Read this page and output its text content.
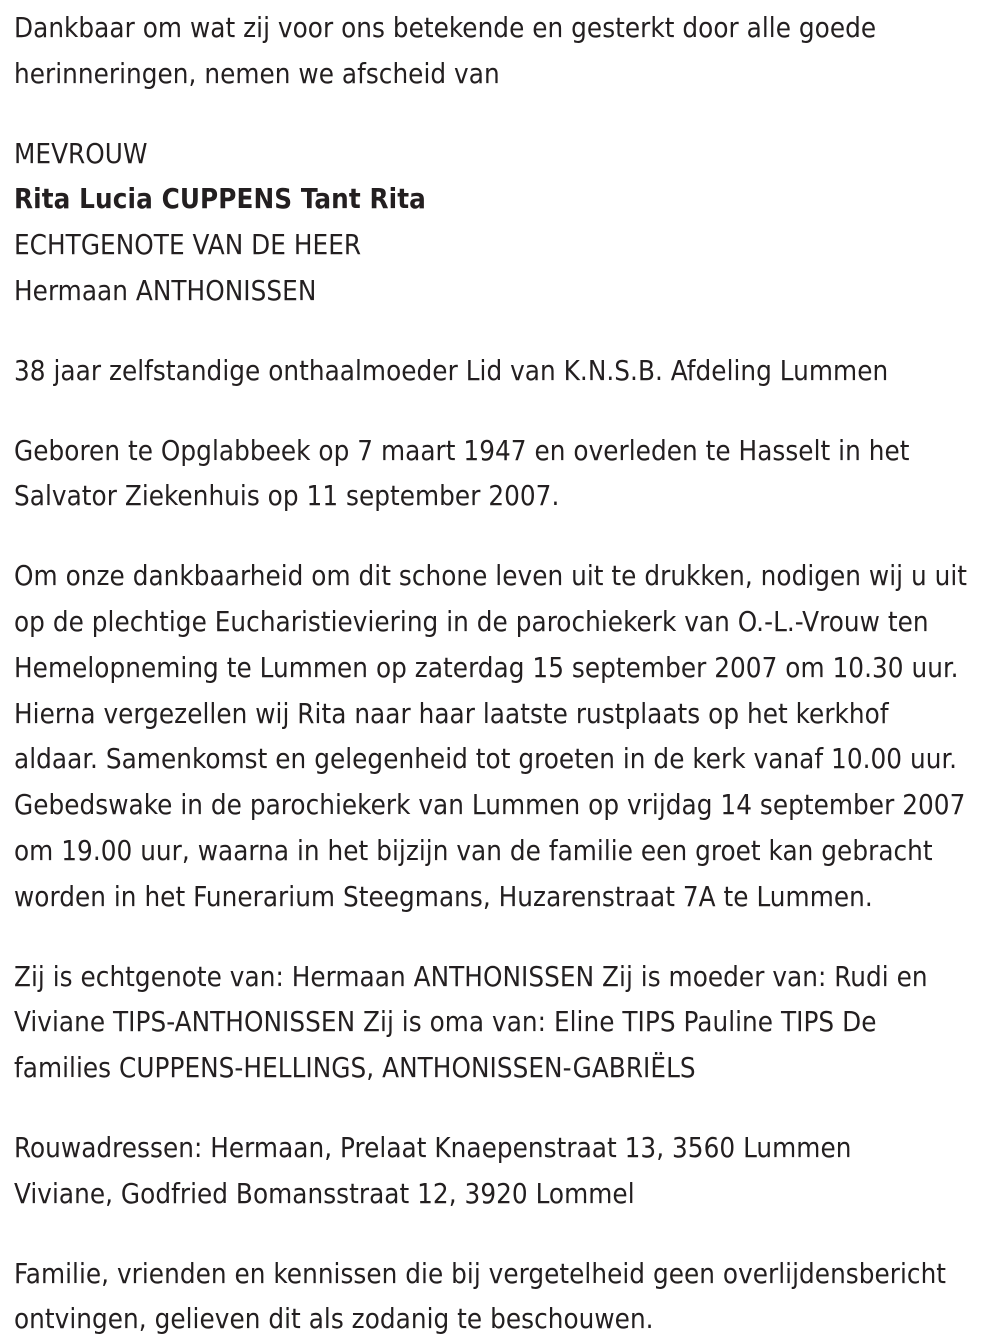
Dankbaar om wat zij voor ons betekende en gesterkt door alle goede herinneringen, nemen we afscheid van

MEVROUW

Rita Lucia CUPPENS Tant Rita

ECHTGENOTE VAN DE HEER

Hermaan ANTHONISSEN

38 jaar zelfstandige onthaalmoeder Lid van K.N.S.B. Afdeling Lummen

Geboren te Opglabbeek op 7 maart 1947 en overleden te Hasselt in het Salvator Ziekenhuis op 11 september 2007.

Om onze dankbaarheid om dit schone leven uit te drukken, nodigen wij u uit op de plechtige Eucharistieviering in de parochiekerk van O.-L.-Vrouw ten Hemelopneming te Lummen op zaterdag 15 september 2007 om 10.30 uur. Hierna vergezellen wij Rita naar haar laatste rustplaats op het kerkhof aldaar. Samenkomst en gelegenheid tot groeten in de kerk vanaf 10.00 uur. Gebedswake in de parochiekerk van Lummen op vrijdag 14 september 2007 om 19.00 uur, waarna in het bijzijn van de familie een groet kan gebracht worden in het Funerarium Steegmans, Huzarenstraat 7A te Lummen.

Zij is echtgenote van: Hermaan ANTHONISSEN Zij is moeder van: Rudi en Viviane TIPS-ANTHONISSEN Zij is oma van: Eline TIPS Pauline TIPS De families CUPPENS-HELLINGS, ANTHONISSEN-GABRIËLS

Rouwadressen: Hermaan, Prelaat Knaepenstraat 13, 3560 Lummen

Viviane, Godfried Bomansstraat 12, 3920 Lommel

Familie, vrienden en kennissen die bij vergetelheid geen overlijdensbericht ontvingen, gelieven dit als zodanig te beschouwen.
